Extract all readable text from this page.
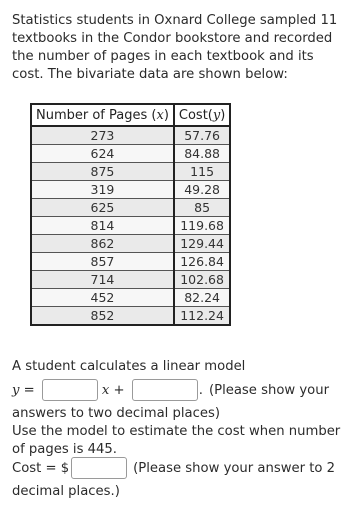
Statistics students in Oxnard College sampled 11 textbooks in the Condor bookstore and recorded the number of pages in each textbook and its cost. The bivariate data are shown below:
Number of Pages (x)	Cost(y)
273	57.76
624	84.88
875	115
319	49.28
625	85
814	119.68
862	129.44
857	126.84
714	102.68
452	82.24
852	112.24
A student calculates a linear model
y =	x +	. (Please show your
answers to two decimal places)
Use the model to estimate the cost when number of pages is 445.
Cost = $	(Please show your answer to 2
decimal places.)
